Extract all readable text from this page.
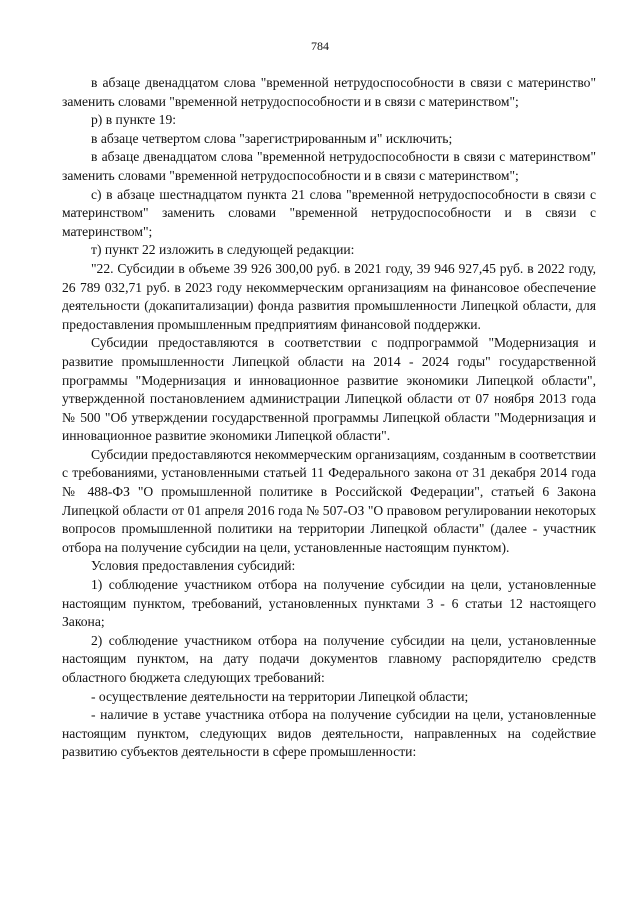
784

в абзаце двенадцатом слова "временной нетрудоспособности в связи с материнство" заменить словами "временной нетрудоспособности и в связи с материнством";

р) в пункте 19:

в абзаце четвертом слова "зарегистрированным и" исключить;

в абзаце двенадцатом слова "временной нетрудоспособности в связи с материнством" заменить словами "временной нетрудоспособности и в связи с материнством";

с) в абзаце шестнадцатом пункта 21 слова "временной нетрудоспособности в связи с материнством" заменить словами "временной нетрудоспособности и в связи с материнством";

т) пункт 22 изложить в следующей редакции:

"22. Субсидии в объеме 39 926 300,00 руб. в 2021 году, 39 946 927,45 руб. в 2022 году, 26 789 032,71 руб. в 2023 году некоммерческим организациям на финансовое обеспечение деятельности (докапитализации) фонда развития промышленности Липецкой области, для предоставления промышленным предприятиям финансовой поддержки.

Субсидии предоставляются в соответствии с подпрограммой "Модернизация и развитие промышленности Липецкой области на 2014 - 2024 годы" государственной программы "Модернизация и инновационное развитие экономики Липецкой области", утвержденной постановлением администрации Липецкой области от 07 ноября 2013 года № 500 "Об утверждении государственной программы Липецкой области "Модернизация и инновационное развитие экономики Липецкой области".

Субсидии предоставляются некоммерческим организациям, созданным в соответствии с требованиями, установленными статьей 11 Федерального закона от 31 декабря 2014 года № 488-ФЗ "О промышленной политике в Российской Федерации", статьей 6 Закона Липецкой области от 01 апреля 2016 года № 507-ОЗ "О правовом регулировании некоторых вопросов промышленной политики на территории Липецкой области" (далее - участник отбора на получение субсидии на цели, установленные настоящим пунктом).

Условия предоставления субсидий:

1) соблюдение участником отбора на получение субсидии на цели, установленные настоящим пунктом, требований, установленных пунктами 3 - 6 статьи 12 настоящего Закона;

2) соблюдение участником отбора на получение субсидии на цели, установленные настоящим пунктом, на дату подачи документов главному распорядителю средств областного бюджета следующих требований:

- осуществление деятельности на территории Липецкой области;

- наличие в уставе участника отбора на получение субсидии на цели, установленные настоящим пунктом, следующих видов деятельности, направленных на содействие развитию субъектов деятельности в сфере промышленности:
